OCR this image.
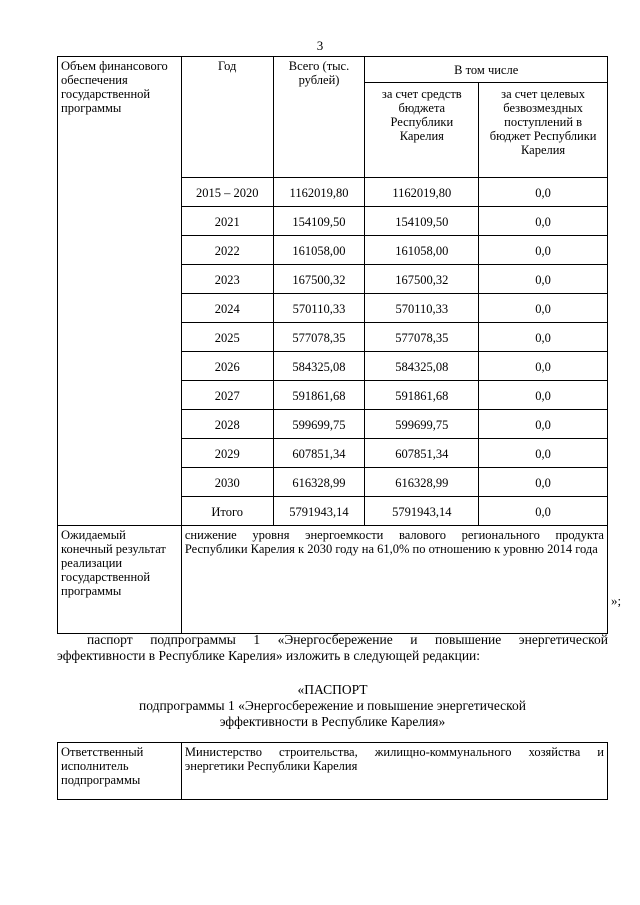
3
Объем финансового обеспечения государственной программы	Год	Всего (тыс. рублей)	В том числе	
			за счет средств бюджета Республики Карелия	за счет целевых безвозмездных поступлений в бюджет Республики Карелия
	2015 – 2020	1162019,80	1162019,80	0,0
	2021	154109,50	154109,50	0,0
	2022	161058,00	161058,00	0,0
	2023	167500,32	167500,32	0,0
	2024	570110,33	570110,33	0,0
	2025	577078,35	577078,35	0,0
	2026	584325,08	584325,08	0,0
	2027	591861,68	591861,68	0,0
	2028	599699,75	599699,75	0,0
	2029	607851,34	607851,34	0,0
	2030	616328,99	616328,99	0,0
	Итого	5791943,14	5791943,14	0,0
Ожидаемый конечный результат реализации государственной программы	снижение уровня энергоемкости валового регионального продукта Республики Карелия к 2030 году на 61,0% по отношению к уровню 2014 года			
»;
паспорт подпрограммы 1 «Энергосбережение и повышение энергетической
эффективности в Республике Карелия» изложить в следующей редакции:
«ПАСПОРТ
подпрограммы 1 «Энергосбережение и повышение энергетической
эффективности в Республике Карелия»
Ответственный исполнитель подпрограммы	Министерство строительства, жилищно-коммунального хозяйства и энергетики Республики Карелия
